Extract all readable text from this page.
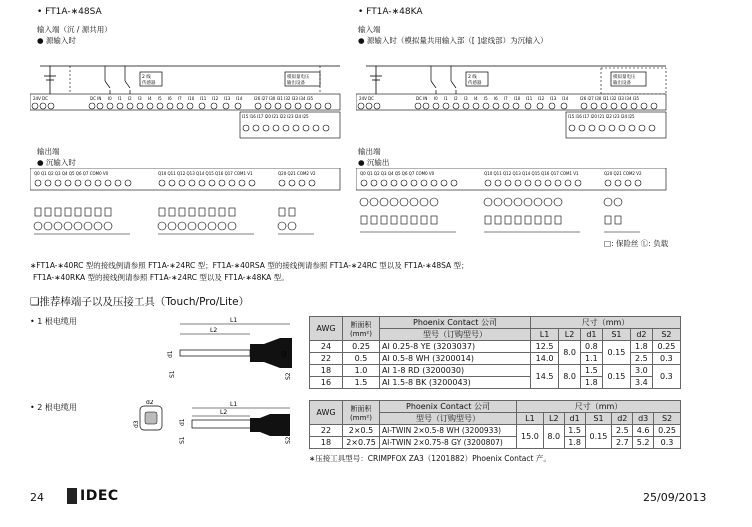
• FT1A-∗48SA
输入端（沉 / 源共用）
● 源输入时
2 线
传感器
模拟量电压
输出设备
24V DC	DC IN I0 I1 I2 I3 I4 I5 I6 I7 I10 I11 I12 I13 I14	I26 I27 I30 I31 I32 I33 I34 I35
I15 I16 I17 I20 I21 I22 I23 I24 I25
输出端
● 沉输入时
Q0 Q1 Q2 Q3 Q4 Q5 Q6 Q7 COM0 V0	Q10 Q11 Q12 Q13 Q14 Q15 Q16 Q17 COM1 V1	Q20 Q21 COM2 V2
• FT1A-∗48KA
输入端
● 源输入时（模拟量共用输入部（[ ]虚线部）为沉输入）
2 线
传感器
模拟量电压
输出设备
24V DC	DC IN I0 I1 I2 I3 I4 I5 I6 I7 I10 I11 I12 I13 I14	I26 I27 I30 I31 I32 I33 I34 I35
I15 I16 I17 I20 I21 I22 I23 I24 I25
输出端
● 沉输出
Q0 Q1 Q2 Q3 Q4 Q5 Q6 Q7 COM0 V0	Q10 Q11 Q12 Q13 Q14 Q15 Q16 Q17 COM1 V1	Q20 Q21 COM2 V2
□: 保险丝 Ⓛ: 负载
∗FT1A-∗40RC 型的接线例请参照 FT1A-∗24RC 型；FT1A-∗40RSA 型的接线例请参照 FT1A-∗24RC 型以及 FT1A-∗48SA 型；
FT1A-∗40RKA 型的接线例请参照 FT1A-∗24RC 型以及 FT1A-∗48KA 型。
❑推荐棒端子以及压接工具（Touch/Pro/Lite）
• 1 根电缆用
• 2 根电缆用
L1
L2
d1	d2
S1	S2
d2	L1
L2
d3	d1
S1	S2
AWG	断面积
(mm²)	Phoenix Contact 公司	尺寸（mm）					
		型号（订购型号）	L1	L2	d1	S1	d2	S2
24	0.25	AI 0.25-8 YE (3203037)	12.5	8.0	0.8	0.15	1.8	0.25
22	0.5	AI 0.5-8 WH (3200014)	14.0		1.1		2.5	0.3
18	1.0	AI 1-8 RD (3200030)	14.5	8.0	1.5	0.15	3.0	0.3
16	1.5	AI 1.5-8 BK (3200043)			1.8		3.4	
AWG	断面积
(mm²)	Phoenix Contact 公司	尺寸（mm）						
		型号（订购型号）	L1	L2	d1	S1	d2	d3	S2
22	2×0.5	AI-TWIN 2×0.5-8 WH (3200933)	15.0	8.0	1.5	0.15	2.5	4.6	0.25
18	2×0.75	AI-TWIN 2×0.75-8 GY (3200807)			1.8		2.7	5.2	0.3
∗压接工具型号：CRIMPFOX ZA3（1201882）Phoenix Contact 产。
24	IDEC	25/09/2013
